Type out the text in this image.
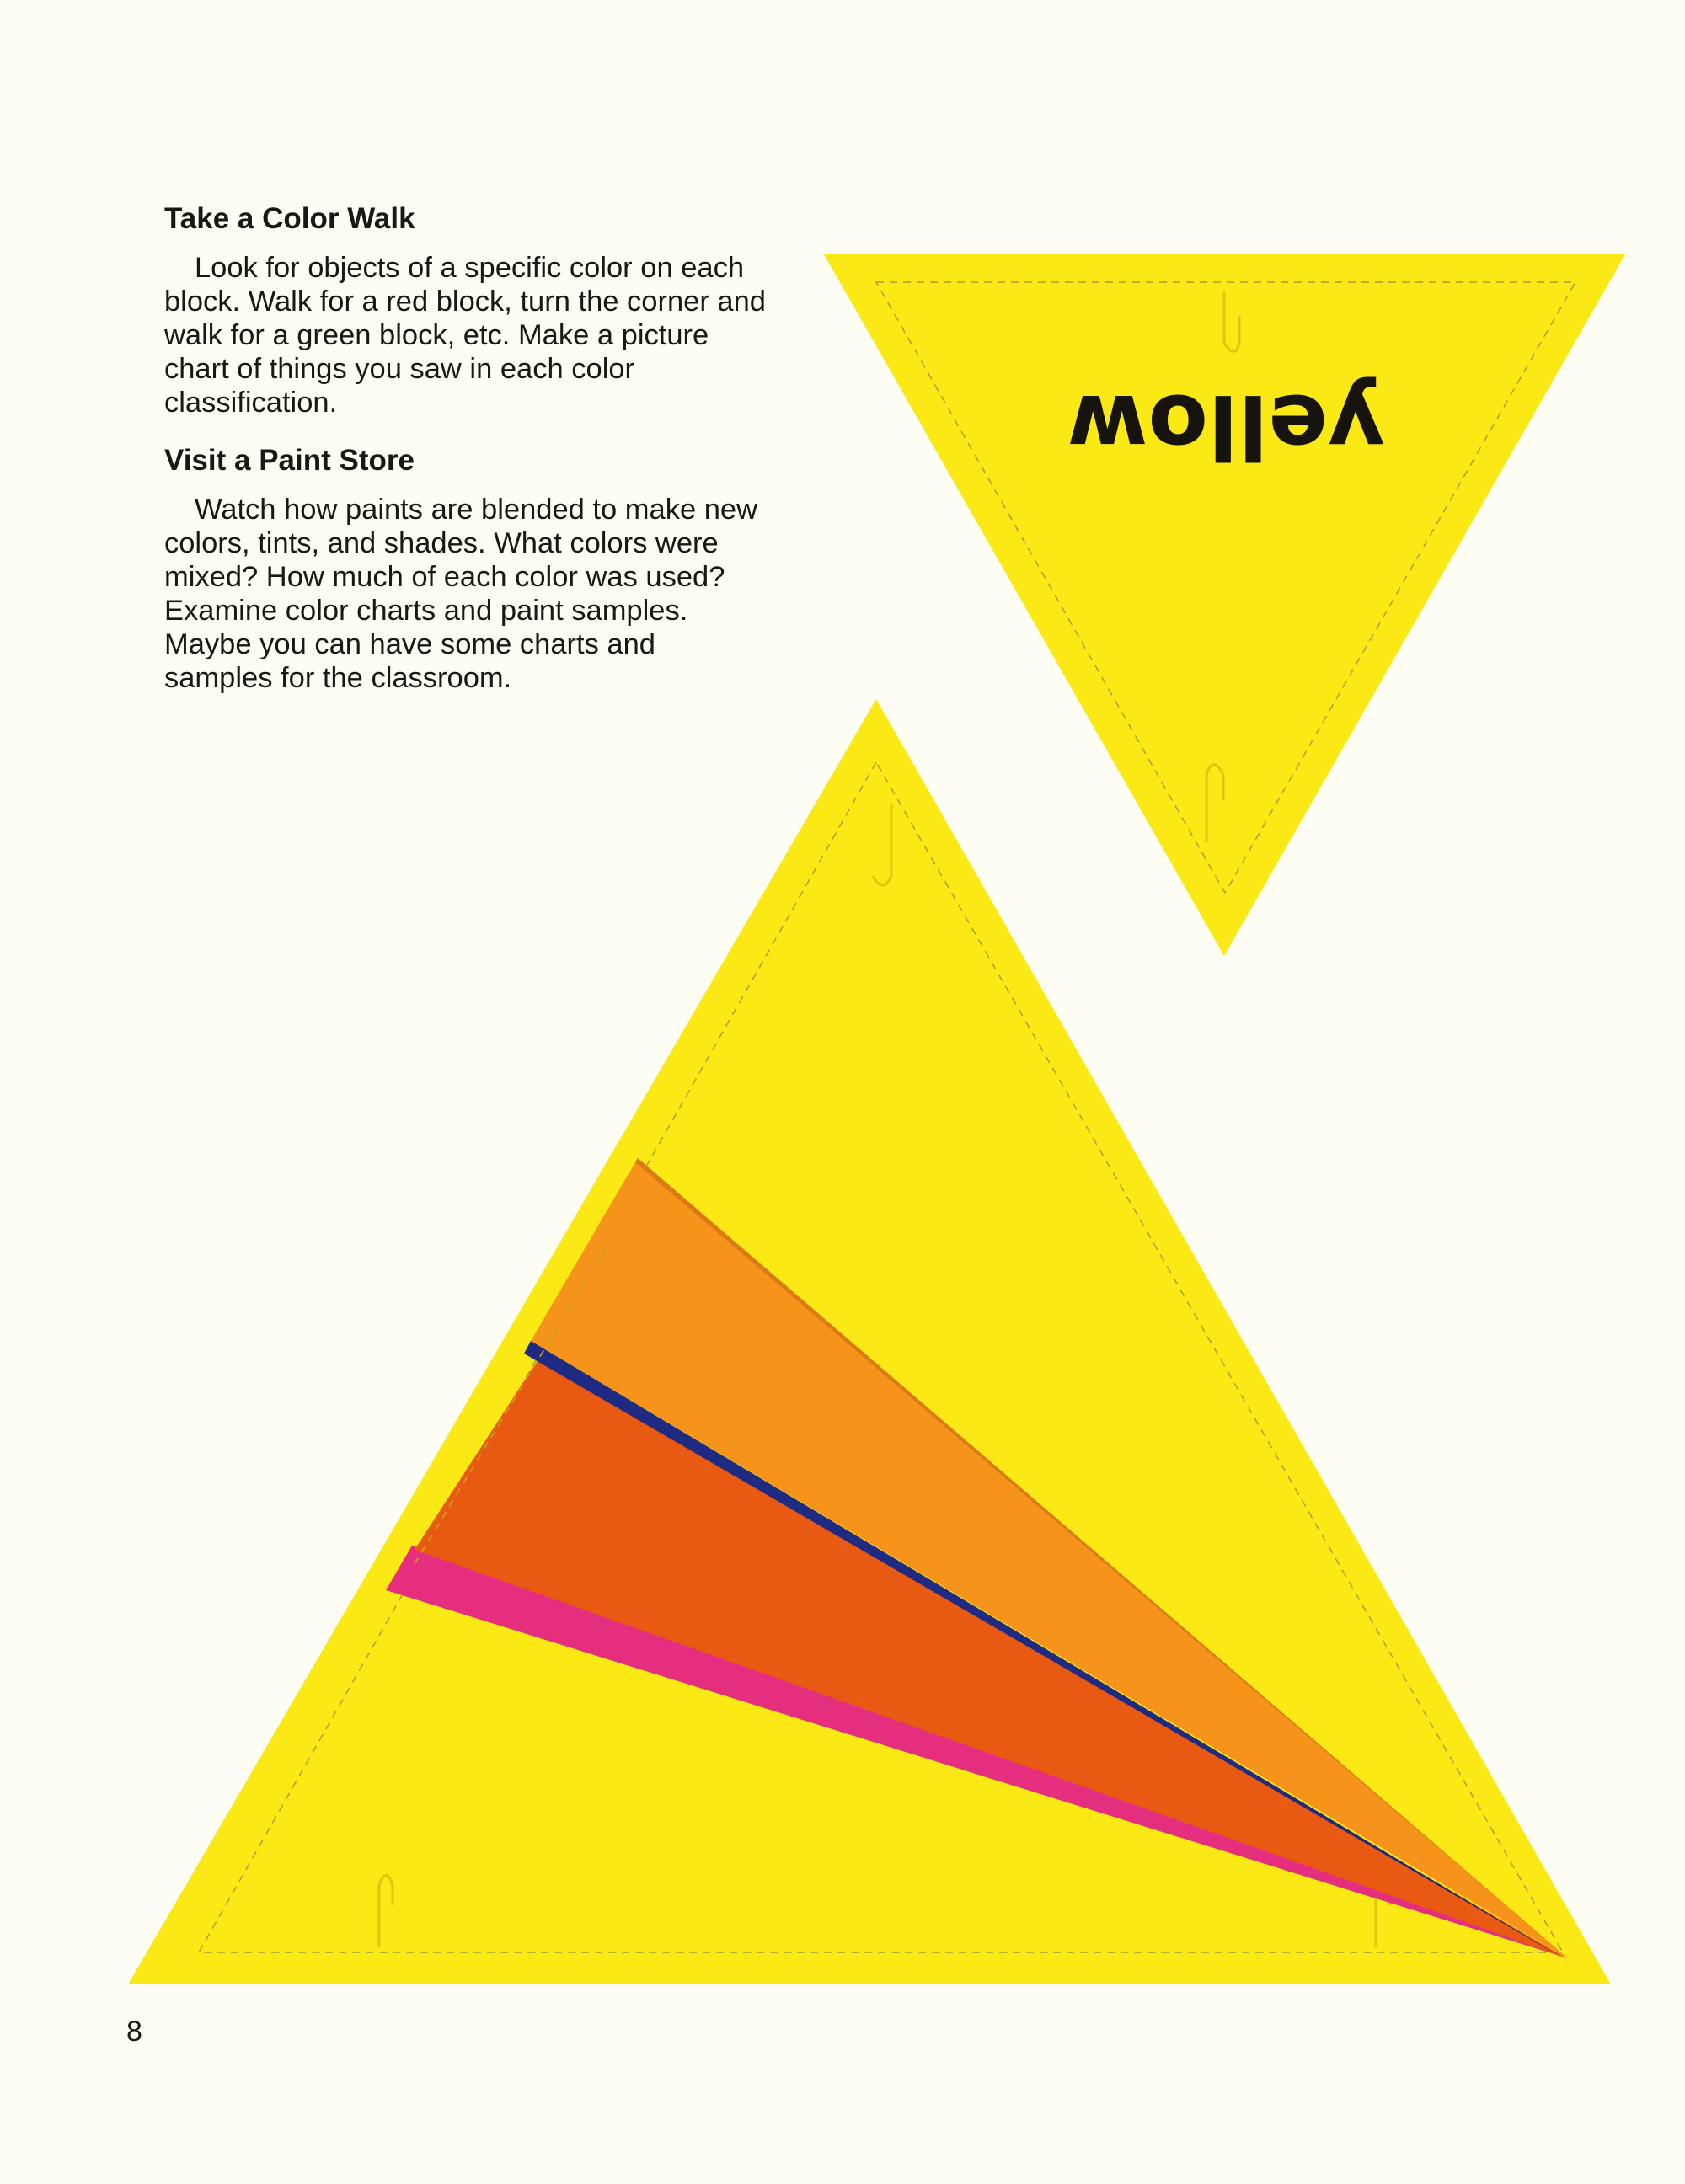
yellow
Take a Color Walk

Look for objects of a specific color on each block. Walk for a red block, turn the corner and walk for a green block, etc. Make a picture chart of things you saw in each color classification.

Visit a Paint Store

Watch how paints are blended to make new colors, tints, and shades. What colors were mixed? How much of each color was used? Examine color charts and paint samples. Maybe you can have some charts and samples for the classroom.

8
